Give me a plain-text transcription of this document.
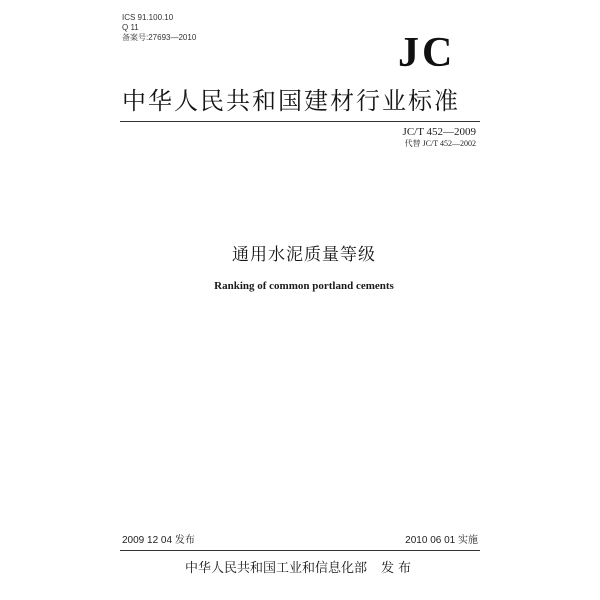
ICS 91.100.10
Q 11
备案号:27693—2010	JC
中华人民共和国建材行业标准
JC/T 452—2009
代替 JC/T 452—2002
通用水泥质量等级
Ranking of common portland cements
2009 12 04 发布	2010 06 01 实施
中华人民共和国工业和信息化部 发布
